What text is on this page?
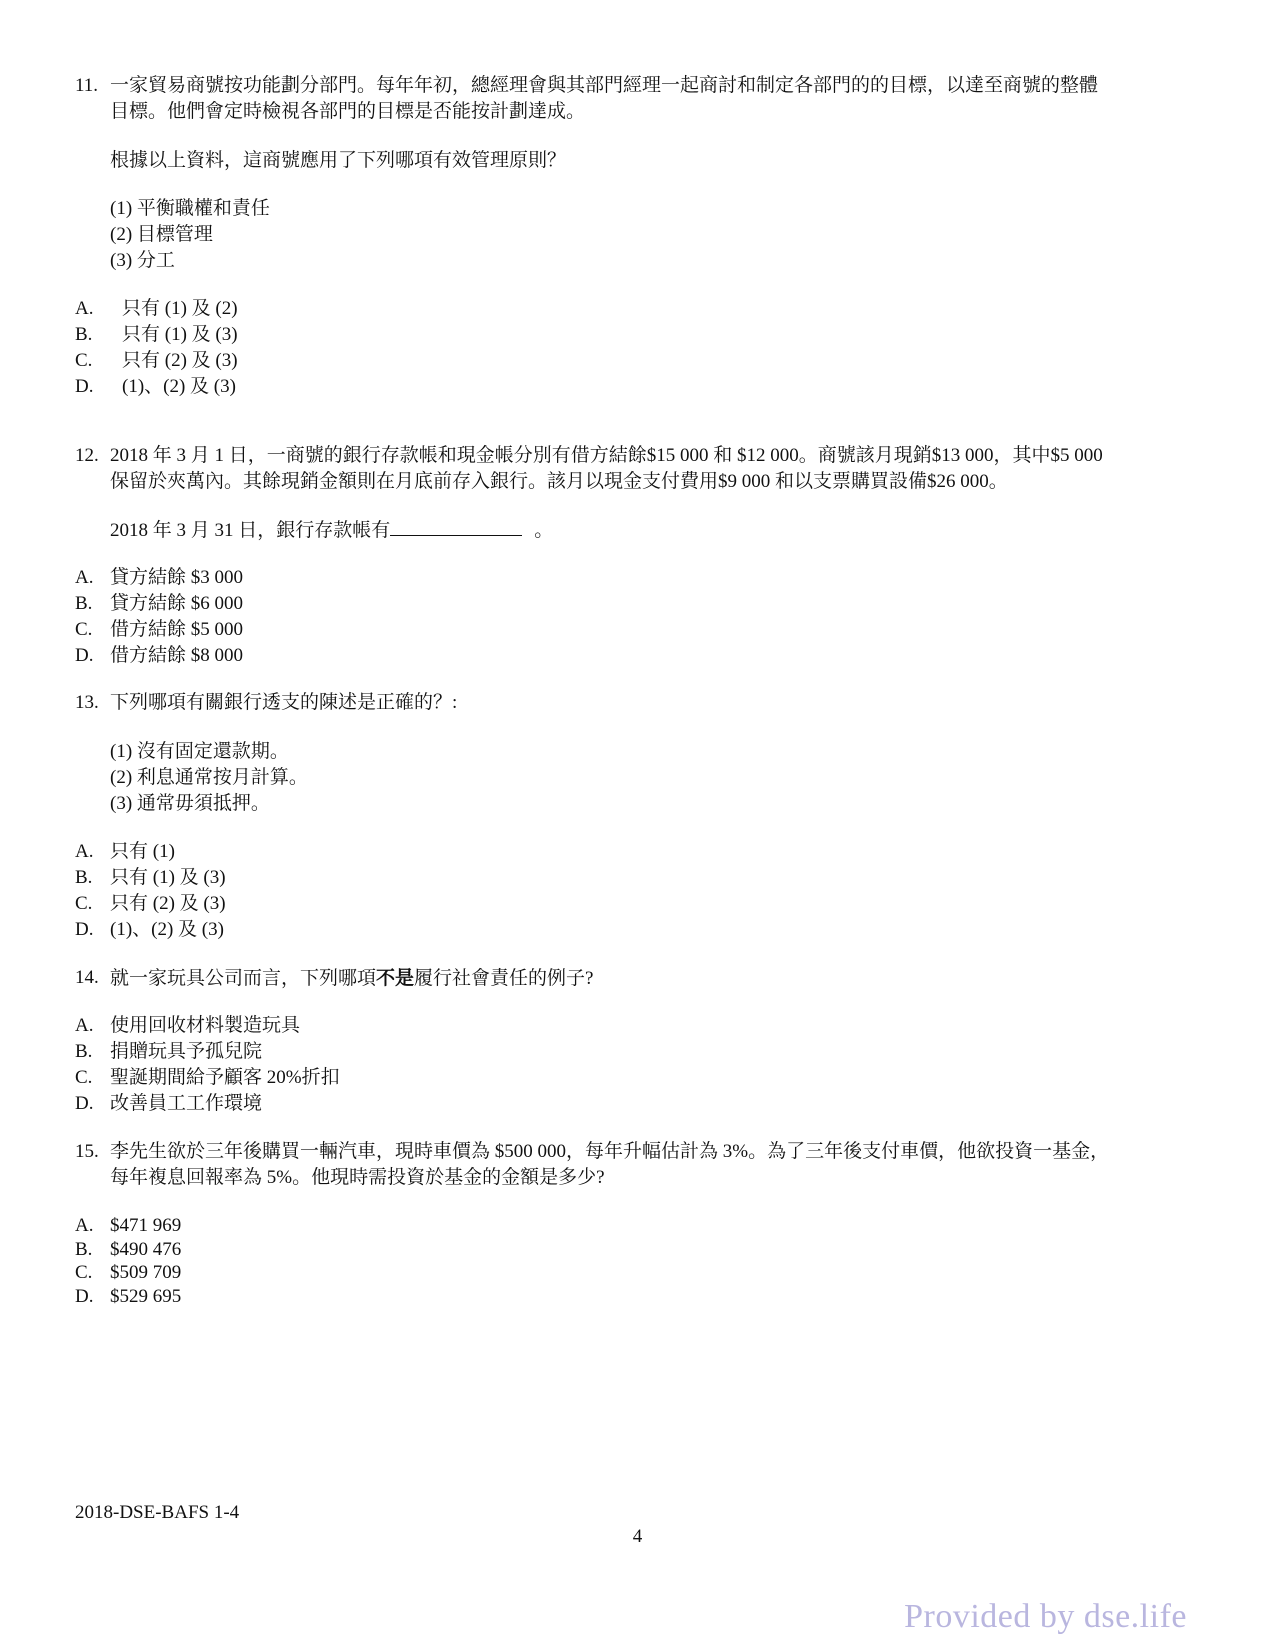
11. 一家貿易商號按功能劃分部門。每年年初，總經理會與其部門經理一起商討和制定各部門的的目標，以達至商號的整體
目標。他們會定時檢視各部門的目標是否能按計劃達成。
根據以上資料，這商號應用了下列哪項有效管理原則？
(1) 平衡職權和責任
(2) 目標管理
(3) 分工
A. 只有 (1) 及 (2)
B. 只有 (1) 及 (3)
C. 只有 (2) 及 (3)
D. (1)、(2) 及 (3)
12. 2018 年 3 月 1 日，一商號的銀行存款帳和現金帳分別有借方結餘$15 000 和 $12 000。商號該月現銷$13 000，其中$5 000
保留於夾萬內。其餘現銷金額則在月底前存入銀行。該月以現金支付費用$9 000 和以支票購買設備$26 000。
2018 年 3 月 31 日，銀行存款帳有	。
A. 貸方結餘 $3 000
B. 貸方結餘 $6 000
C. 借方結餘 $5 000
D. 借方結餘 $8 000
13. 下列哪項有關銀行透支的陳述是正確的？:
(1) 沒有固定還款期。
(2) 利息通常按月計算。
(3) 通常毋須抵押。
A. 只有 (1)
B. 只有 (1) 及 (3)
C. 只有 (2) 及 (3)
D. (1)、(2) 及 (3)
14. 就一家玩具公司而言，下列哪項不是履行社會責任的例子?
A. 使用回收材料製造玩具
B. 捐贈玩具予孤兒院
C. 聖誕期間給予顧客 20%折扣
D. 改善員工工作環境
15. 李先生欲於三年後購買一輛汽車，現時車價為 $500 000，每年升幅估計為 3%。為了三年後支付車價，他欲投資一基金，
每年複息回報率為 5%。他現時需投資於基金的金額是多少?
A. $471 969
B. $490 476
C. $509 709
D. $529 695
2018-DSE-BAFS 1-4
4
Provided by dse.life
